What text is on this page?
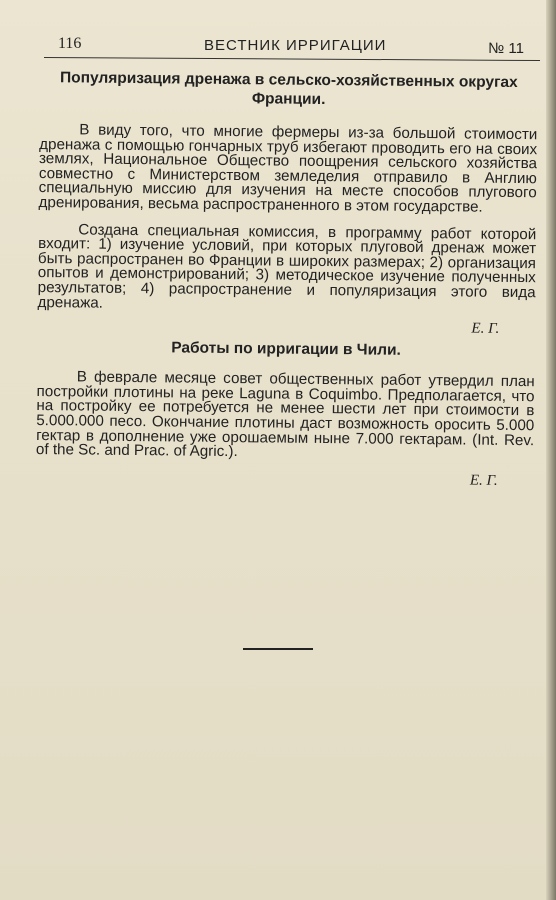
116	ВЕСТНИК ИРРИГАЦИИ	№ 11
Популяризация дренажа в сельско-хозяйственных округах Франции.

В виду того, что многие фермеры из-за большой стоимости дренажа с помощью гончарных труб избегают проводить его на своих землях, Национальное Общество поощрения сельского хозяйства совместно с Министерством земледелия отправило в Англию специальную миссию для изучения на месте способов плугового дренирования, весьма распространенного в этом государстве.

Создана специальная комиссия, в программу работ которой входит: 1) изучение условий, при которых плуговой дренаж может быть распространен во Франции в широких размерах; 2) организация опытов и демонстрирований; 3) методическое изучение полученных результатов; 4) распространение и популяризация этого вида дренажа.

Е. Г.
Работы по ирригации в Чили.

В феврале месяце совет общественных работ утвердил план постройки плотины на реке Laguna в Coquimbo. Предполагается, что на постройку ее потребуется не менее шести лет при стоимости в 5.000.000 песо. Окончание плотины даст возможность оросить 5.000 гектар в дополнение уже орошаемым ныне 7.000 гектарам. (Int. Rev. of the Sc. and Prac. of Agric.).

Е. Г.
